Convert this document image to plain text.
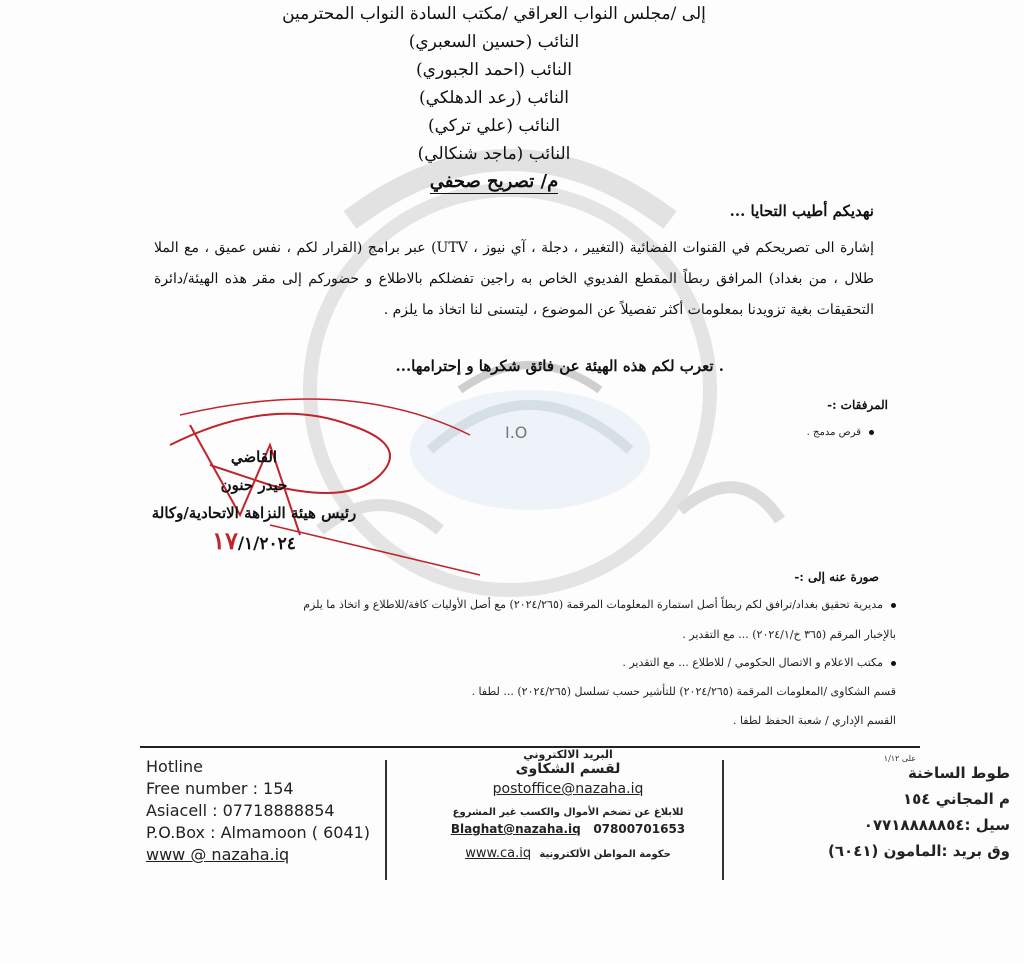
I.O
إلى /مجلس النواب العراقي /مكتب السادة النواب المحترمين
النائب (حسين السعبري)
النائب (احمد الجبوري)
النائب (رعد الدهلكي)
النائب (علي تركي)
النائب (ماجد شنكالي)
م/ تصريح صحفي
نهديكم أطيب التحايا ...
إشارة الى تصريحكم في القنوات الفضائية (التغيير ، دجلة ، آي نيوز ، UTV) عبر برامج (القرار لكم ، نفس عميق ، مع الملا طلال ، من بغداد) المرافق ربطاً المقطع الفديوي الخاص به راجين تفضلكم بالاطلاع و حضوركم إلى مقر هذه الهيئة/دائرة التحقيقات بغية تزويدنا بمعلومات أكثر تفصيلاً عن الموضوع ، ليتسنى لنا اتخاذ ما يلزم .
. تعرب لكم هذه الهيئة عن فائق شكرها و إحترامها...
المرفقات :-
قرص مدمج .
القاضي
حيدر حنون
رئيس هيئة النزاهة الاتحادية/وكالة
١٧/١/٢٠٢٤
صورة عنه إلى :-
مديرية تحقيق بغداد/ترافق لكم ربطاً أصل استمارة المعلومات المرقمة (٢٠٢٤/٢٦٥) مع أصل الأوليات كافة/للاطلاع و اتخاذ ما يلزم
بالإخبار المرقم (٣٦٥ خ/٢٠٢٤/١) ... مع التقدير .
مكتب الاعلام و الاتصال الحكومي / للاطلاع ... مع التقدير .
قسم الشكاوى /المعلومات المرقمة (٢٠٢٤/٢٦٥) للتأشير حسب تسلسل (٢٠٢٤/٢٦٥) ... لطفا .
القسم الإداري / شعبة الحفظ لطفا .
على ١/١٢
Hotline
Free number : 154
Asiacell : 07718888854
P.O.Box : Almamoon ( 6041)
www @ nazaha.iq
البريد الالكتروني
لقسم الشكاوى
postoffice@nazaha.iq
للابلاغ عن تضخم الأموال والكسب غير المشروع
Blaghat@nazaha.iq 07800701653
www.ca.iq حكومة المواطن الألكترونية
طوط الساخنة
م المجاني ١٥٤
سيل :٠٧٧١٨٨٨٨٨٥٤
وق بريد :المامون (٦٠٤١)
